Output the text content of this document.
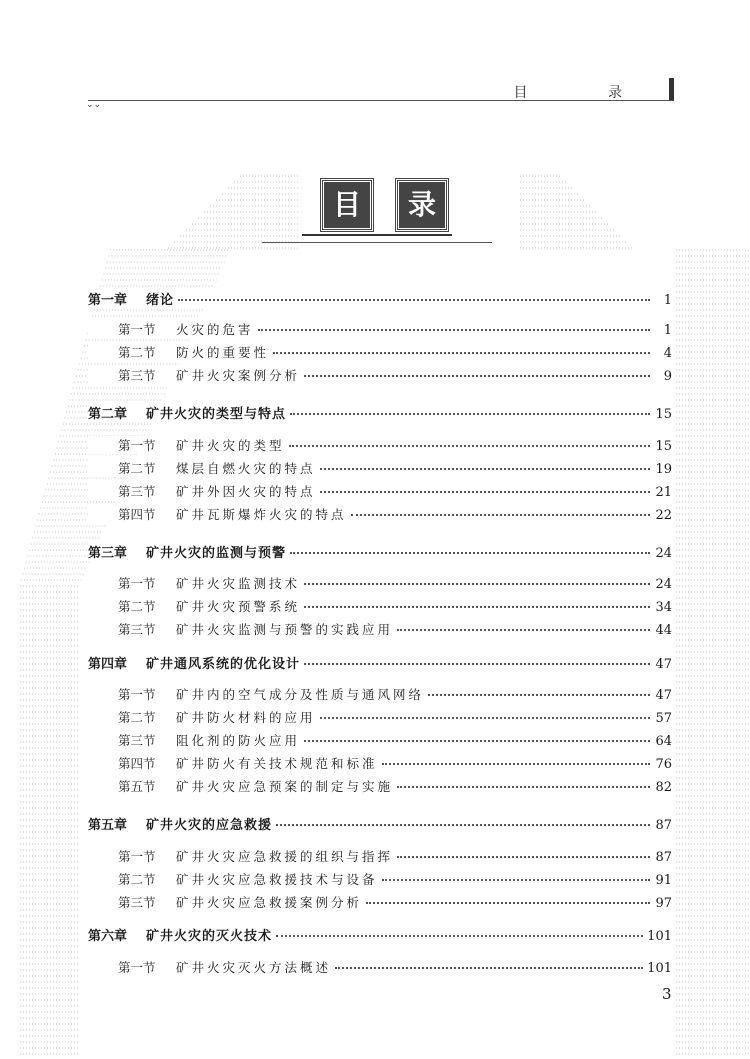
目 录
⌄⌄
目	录
第一章	绪论	1
第一节	火灾的危害	1
第二节	防火的重要性	4
第三节	矿井火灾案例分析	9
第二章	矿井火灾的类型与特点	15
第一节	矿井火灾的类型	15
第二节	煤层自燃火灾的特点	19
第三节	矿井外因火灾的特点	21
第四节	矿井瓦斯爆炸火灾的特点	22
第三章	矿井火灾的监测与预警	24
第一节	矿井火灾监测技术	24
第二节	矿井火灾预警系统	34
第三节	矿井火灾监测与预警的实践应用	44
第四章	矿井通风系统的优化设计	47
第一节	矿井内的空气成分及性质与通风网络	47
第二节	矿井防火材料的应用	57
第三节	阻化剂的防火应用	64
第四节	矿井防火有关技术规范和标准	76
第五节	矿井火灾应急预案的制定与实施	82
第五章	矿井火灾的应急救援	87
第一节	矿井火灾应急救援的组织与指挥	87
第二节	矿井火灾应急救援技术与设备	91
第三节	矿井火灾应急救援案例分析	97
第六章	矿井火灾的灭火技术	101
第一节	矿井火灾灭火方法概述	101
3
